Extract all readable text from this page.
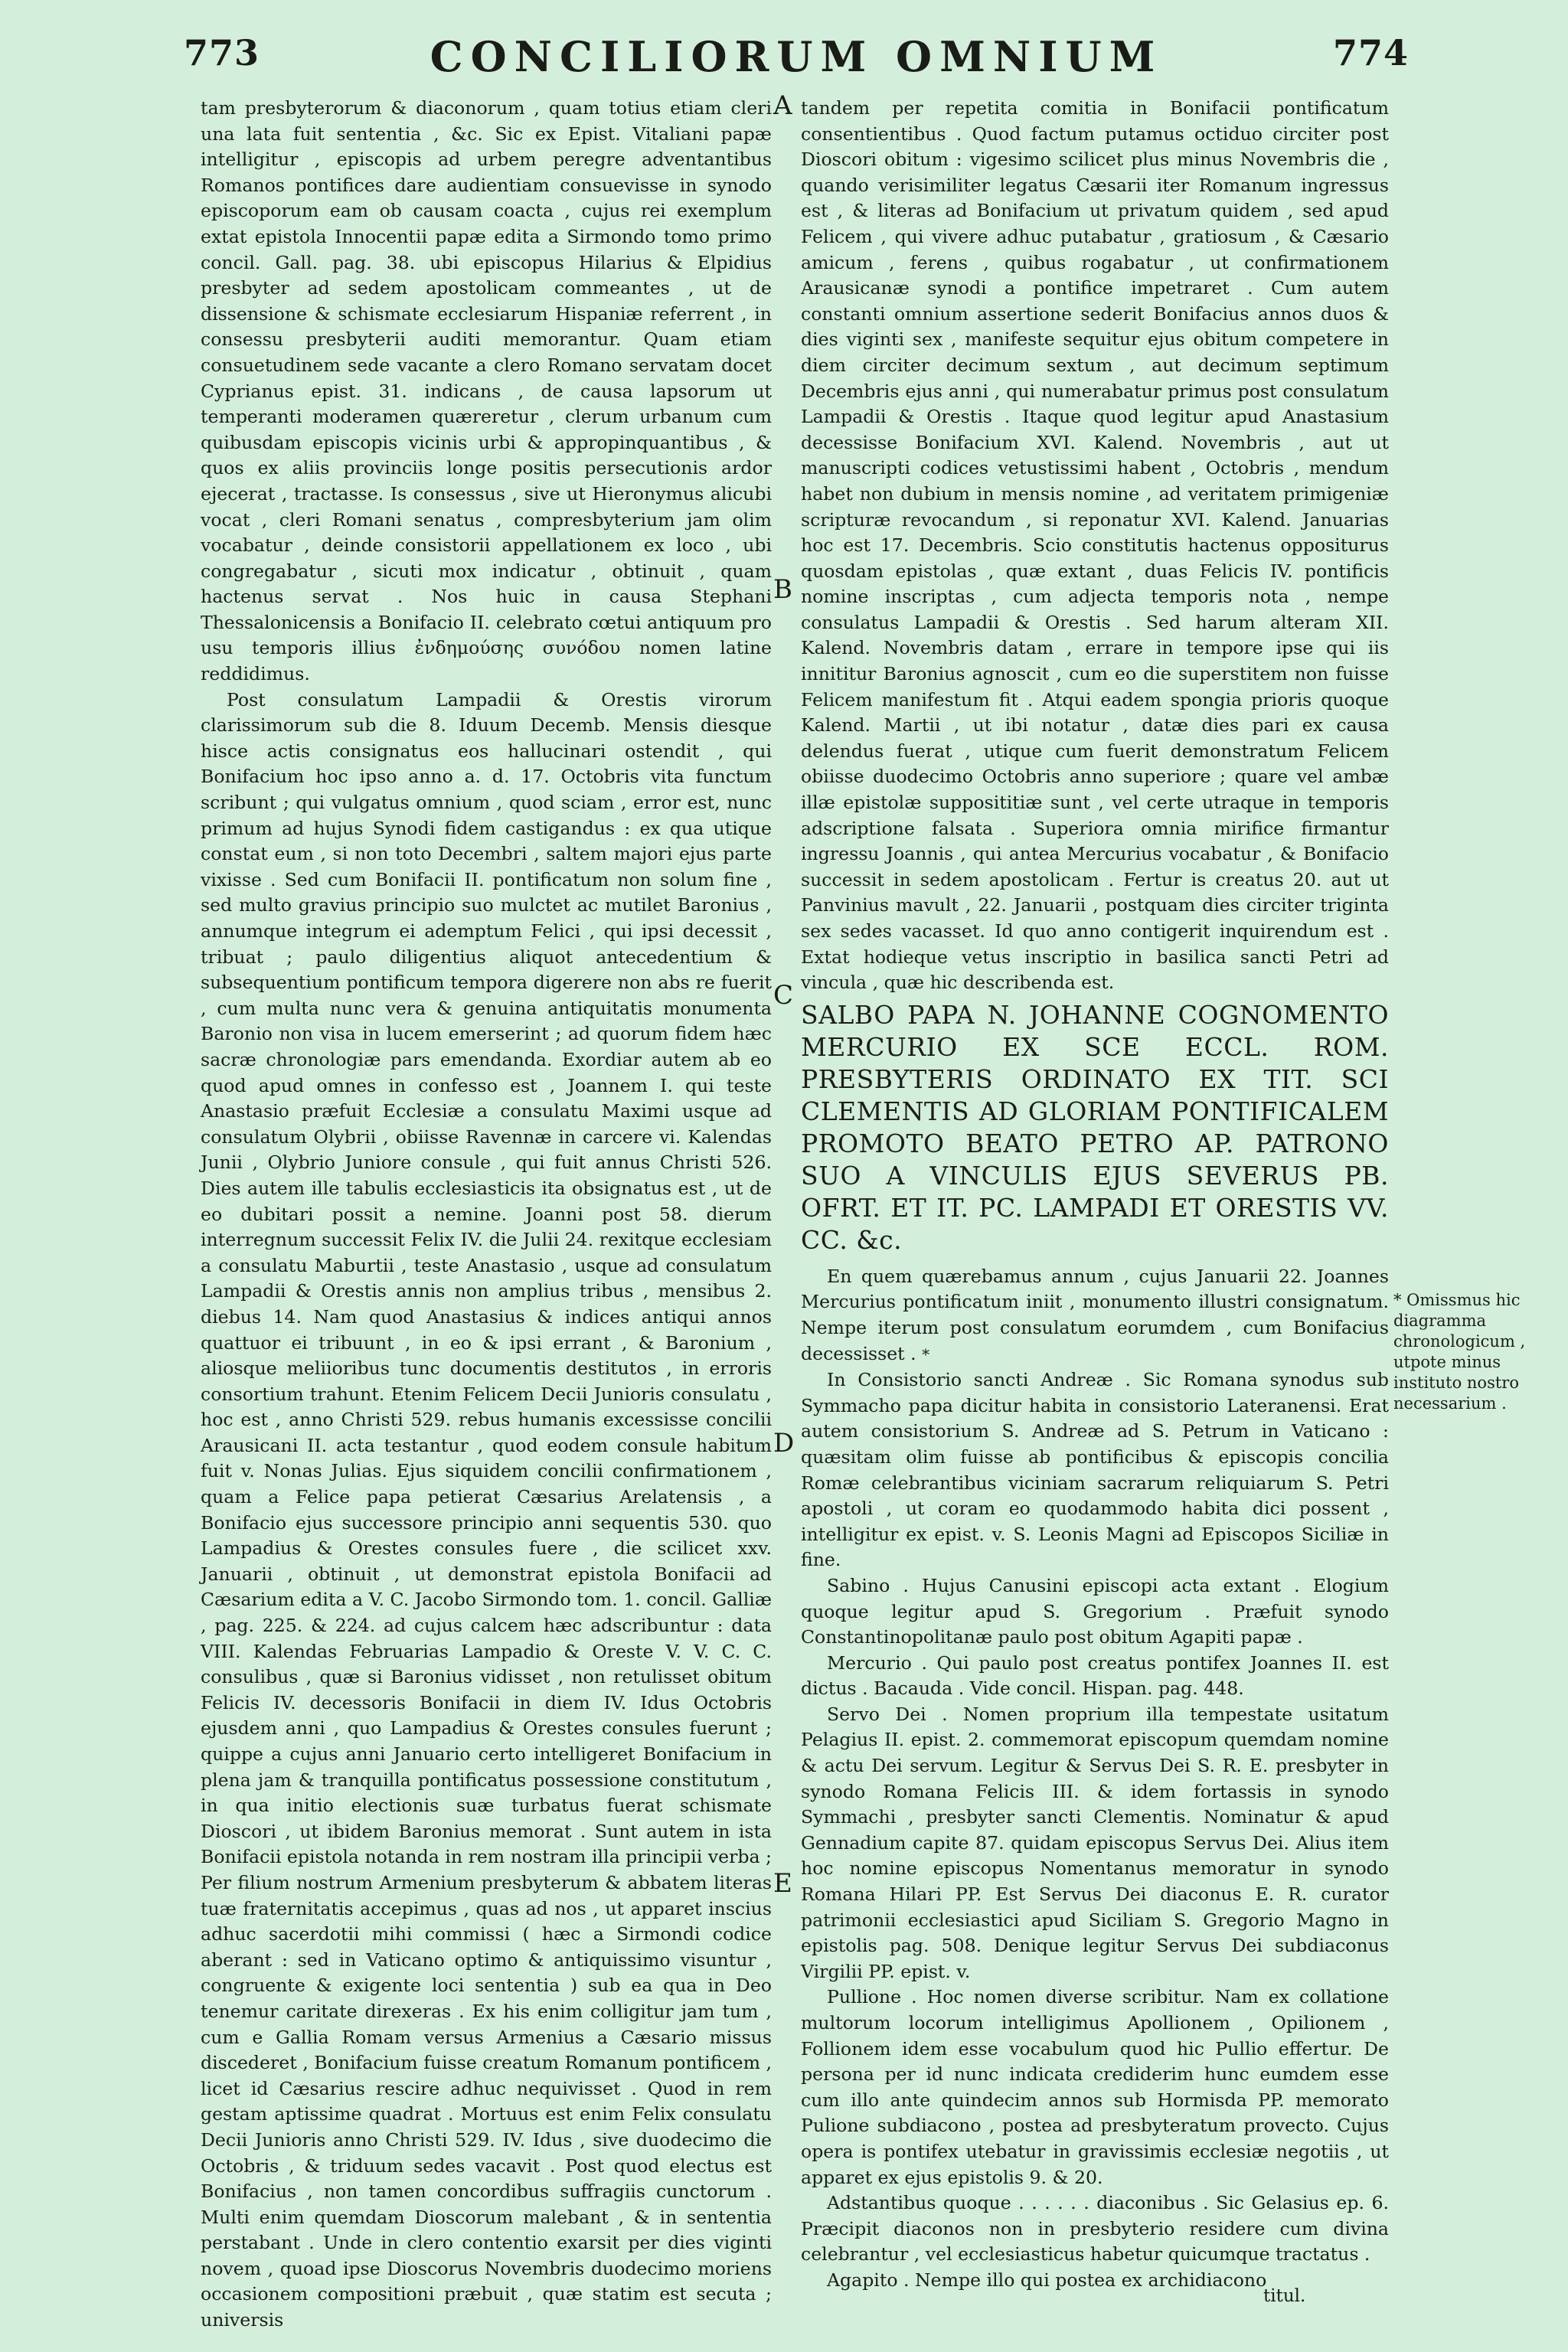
773	CONCILIORUM OMNIUM	774
A
B
C
D
E

tam presbyterorum & diaconorum , quam totius etiam cleri una lata fuit sententia , &c. Sic ex Epist. Vitaliani papæ intelligitur , episcopis ad urbem peregre adventantibus Romanos pontifices dare audientiam consuevisse in synodo episcoporum eam ob causam coacta , cujus rei exemplum extat epistola Innocentii papæ edita a Sirmondo tomo primo concil. Gall. pag. 38. ubi episcopus Hilarius & Elpidius presbyter ad sedem apostolicam commeantes , ut de dissensione & schismate ecclesiarum Hispaniæ referrent , in consessu presbyterii auditi memorantur. Quam etiam consuetudinem sede vacante a clero Romano servatam docet Cyprianus epist. 31. indicans , de causa lapsorum ut temperanti moderamen quæreretur , clerum urbanum cum quibusdam episcopis vicinis urbi & appropinquantibus , & quos ex aliis provinciis longe positis persecutionis ardor ejecerat , tractasse. Is consessus , sive ut Hieronymus alicubi vocat , cleri Romani senatus , compresbyterium jam olim vocabatur , deinde consistorii appellationem ex loco , ubi congregabatur , sicuti mox indicatur , obtinuit , quam hactenus servat . Nos huic in causa Stephani Thessalonicensis a Bonifacio II. celebrato cœtui antiquum pro usu temporis illius ἐνδημούσης συνόδου nomen latine reddidimus.

Post consulatum Lampadii & Orestis virorum clarissimorum sub die 8. Iduum Decemb. Mensis diesque hisce actis consignatus eos hallucinari ostendit , qui Bonifacium hoc ipso anno a. d. 17. Octobris vita functum scribunt ; qui vulgatus omnium , quod sciam , error est, nunc primum ad hujus Synodi fidem castigandus : ex qua utique constat eum , si non toto Decembri , saltem majori ejus parte vixisse . Sed cum Bonifacii II. pontificatum non solum fine , sed multo gravius principio suo mulctet ac mutilet Baronius , annumque integrum ei ademptum Felici , qui ipsi decessit , tribuat ; paulo diligentius aliquot antecedentium & subsequentium pontificum tempora digerere non abs re fuerit , cum multa nunc vera & genuina antiquitatis monumenta Baronio non visa in lucem emerserint ; ad quorum fidem hæc sacræ chronologiæ pars emendanda. Exordiar autem ab eo quod apud omnes in confesso est , Joannem I. qui teste Anastasio præfuit Ecclesiæ a consulatu Maximi usque ad consulatum Olybrii , obiisse Ravennæ in carcere vi. Kalendas Junii , Olybrio Juniore consule , qui fuit annus Christi 526. Dies autem ille tabulis ecclesiasticis ita obsignatus est , ut de eo dubitari possit a nemine. Joanni post 58. dierum interregnum successit Felix IV. die Julii 24. rexitque ecclesiam a consulatu Maburtii , teste Anastasio , usque ad consulatum Lampadii & Orestis annis non amplius tribus , mensibus 2. diebus 14. Nam quod Anastasius & indices antiqui annos quattuor ei tribuunt , in eo & ipsi errant , & Baronium , aliosque meliioribus tunc documentis destitutos , in erroris consortium trahunt. Etenim Felicem Decii Junioris consulatu , hoc est , anno Christi 529. rebus humanis excessisse concilii Arausicani II. acta testantur , quod eodem consule habitum fuit v. Nonas Julias. Ejus siquidem concilii confirmationem , quam a Felice papa petierat Cæsarius Arelatensis , a Bonifacio ejus successore principio anni sequentis 530. quo Lampadius & Orestes consules fuere , die scilicet xxv. Januarii , obtinuit , ut demonstrat epistola Bonifacii ad Cæsarium edita a V. C. Jacobo Sirmondo tom. 1. concil. Galliæ , pag. 225. & 224. ad cujus calcem hæc adscribuntur : data VIII. Kalendas Februarias Lampadio & Oreste V. V. C. C. consulibus , quæ si Baronius vidisset , non retulisset obitum Felicis IV. decessoris Bonifacii in diem IV. Idus Octobris ejusdem anni , quo Lampadius & Orestes consules fuerunt ; quippe a cujus anni Januario certo intelligeret Bonifacium in plena jam & tranquilla pontificatus possessione constitutum , in qua initio electionis suæ turbatus fuerat schismate Dioscori , ut ibidem Baronius memorat . Sunt autem in ista Bonifacii epistola notanda in rem nostram illa principii verba ; Per filium nostrum Armenium presbyterum & abbatem literas tuæ fraternitatis accepimus , quas ad nos , ut apparet inscius adhuc sacerdotii mihi commissi ( hæc a Sirmondi codice aberant : sed in Vaticano optimo & antiquissimo visuntur , congruente & exigente loci sententia ) sub ea qua in Deo tenemur caritate direxeras . Ex his enim colligitur jam tum , cum e Gallia Romam versus Armenius a Cæsario missus discederet , Bonifacium fuisse creatum Romanum pontificem , licet id Cæsarius rescire adhuc nequivisset . Quod in rem gestam aptissime quadrat . Mortuus est enim Felix consulatu Decii Junioris anno Christi 529. IV. Idus , sive duodecimo die Octobris , & triduum sedes vacavit . Post quod electus est Bonifacius , non tamen concordibus suffragiis cunctorum . Multi enim quemdam Dioscorum malebant , & in sententia perstabant . Unde in clero contentio exarsit per dies viginti novem , quoad ipse Dioscorus Novembris duodecimo moriens occasionem compositioni præbuit , quæ statim est secuta ; universis

tandem per repetita comitia in Bonifacii pontificatum consentientibus . Quod factum putamus octiduo circiter post Dioscori obitum : vigesimo scilicet plus minus Novembris die , quando verisimiliter legatus Cæsarii iter Romanum ingressus est , & literas ad Bonifacium ut privatum quidem , sed apud Felicem , qui vivere adhuc putabatur , gratiosum , & Cæsario amicum , ferens , quibus rogabatur , ut confirmationem Arausicanæ synodi a pontifice impetraret . Cum autem constanti omnium assertione sederit Bonifacius annos duos & dies viginti sex , manifeste sequitur ejus obitum competere in diem circiter decimum sextum , aut decimum septimum Decembris ejus anni , qui numerabatur primus post consulatum Lampadii & Orestis . Itaque quod legitur apud Anastasium decessisse Bonifacium XVI. Kalend. Novembris , aut ut manuscripti codices vetustissimi habent , Octobris , mendum habet non dubium in mensis nomine , ad veritatem primigeniæ scripturæ revocandum , si reponatur XVI. Kalend. Januarias hoc est 17. Decembris. Scio constitutis hactenus oppositurus quosdam epistolas , quæ extant , duas Felicis IV. pontificis nomine inscriptas , cum adjecta temporis nota , nempe consulatus Lampadii & Orestis . Sed harum alteram XII. Kalend. Novembris datam , errare in tempore ipse qui iis innititur Baronius agnoscit , cum eo die superstitem non fuisse Felicem manifestum fit . Atqui eadem spongia prioris quoque Kalend. Martii , ut ibi notatur , datæ dies pari ex causa delendus fuerat , utique cum fuerit demonstratum Felicem obiisse duodecimo Octobris anno superiore ; quare vel ambæ illæ epistolæ supposititiæ sunt , vel certe utraque in temporis adscriptione falsata . Superiora omnia mirifice firmantur ingressu Joannis , qui antea Mercurius vocabatur , & Bonifacio successit in sedem apostolicam . Fertur is creatus 20. aut ut Panvinius mavult , 22. Januarii , postquam dies circiter triginta sex sedes vacasset. Id quo anno contigerit inquirendum est . Extat hodieque vetus inscriptio in basilica sancti Petri ad vincula , quæ hic describenda est.

SALBO PAPA N. JOHANNE COGNOMENTO MERCURIO EX SCE ECCL. ROM. PRESBYTERIS ORDINATO EX TIT. SCI CLEMENTIS AD GLORIAM PONTIFICALEM PROMOTO BEATO PETRO AP. PATRONO SUO A VINCULIS EJUS SEVERUS PB. OFRT. ET IT. PC. LAMPADI ET ORESTIS VV. CC. &c.

En quem quærebamus annum , cujus Januarii 22. Joannes Mercurius pontificatum iniit , monumento illustri consignatum. Nempe iterum post consulatum eorumdem , cum Bonifacius decessisset . *

In Consistorio sancti Andreæ . Sic Romana synodus sub Symmacho papa dicitur habita in consistorio Lateranensi. Erat autem consistorium S. Andreæ ad S. Petrum in Vaticano : quæsitam olim fuisse ab pontificibus & episcopis concilia Romæ celebrantibus viciniam sacrarum reliquiarum S. Petri apostoli , ut coram eo quodammodo habita dici possent , intelligitur ex epist. v. S. Leonis Magni ad Episcopos Siciliæ in fine.

Sabino . Hujus Canusini episcopi acta extant . Elogium quoque legitur apud S. Gregorium . Præfuit synodo Constantinopolitanæ paulo post obitum Agapiti papæ .

Mercurio . Qui paulo post creatus pontifex Joannes II. est dictus . Bacauda . Vide concil. Hispan. pag. 448.

Servo Dei . Nomen proprium illa tempestate usitatum Pelagius II. epist. 2. commemorat episcopum quemdam nomine & actu Dei servum. Legitur & Servus Dei S. R. E. presbyter in synodo Romana Felicis III. & idem fortassis in synodo Symmachi , presbyter sancti Clementis. Nominatur & apud Gennadium capite 87. quidam episcopus Servus Dei. Alius item hoc nomine episcopus Nomentanus memoratur in synodo Romana Hilari PP. Est Servus Dei diaconus E. R. curator patrimonii ecclesiastici apud Siciliam S. Gregorio Magno in epistolis pag. 508. Denique legitur Servus Dei subdiaconus Virgilii PP. epist. v.

Pullione . Hoc nomen diverse scribitur. Nam ex collatione multorum locorum intelligimus Apollionem , Opilionem , Follionem idem esse vocabulum quod hic Pullio effertur. De persona per id nunc indicata crediderim hunc eumdem esse cum illo ante quindecim annos sub Hormisda PP. memorato Pulione subdiacono , postea ad presbyteratum provecto. Cujus opera is pontifex utebatur in gravissimis ecclesiæ negotiis , ut apparet ex ejus epistolis 9. & 20.

Adstantibus quoque . . . . . . diaconibus . Sic Gelasius ep. 6. Præcipit diaconos non in presbyterio residere cum divina celebrantur , vel ecclesiasticus habetur quicumque tractatus .

Agapito . Nempe illo qui postea ex archidiacono

titul.
* Omissmus hic diagramma chronologicum , utpote minus instituto nostro necessarium .
